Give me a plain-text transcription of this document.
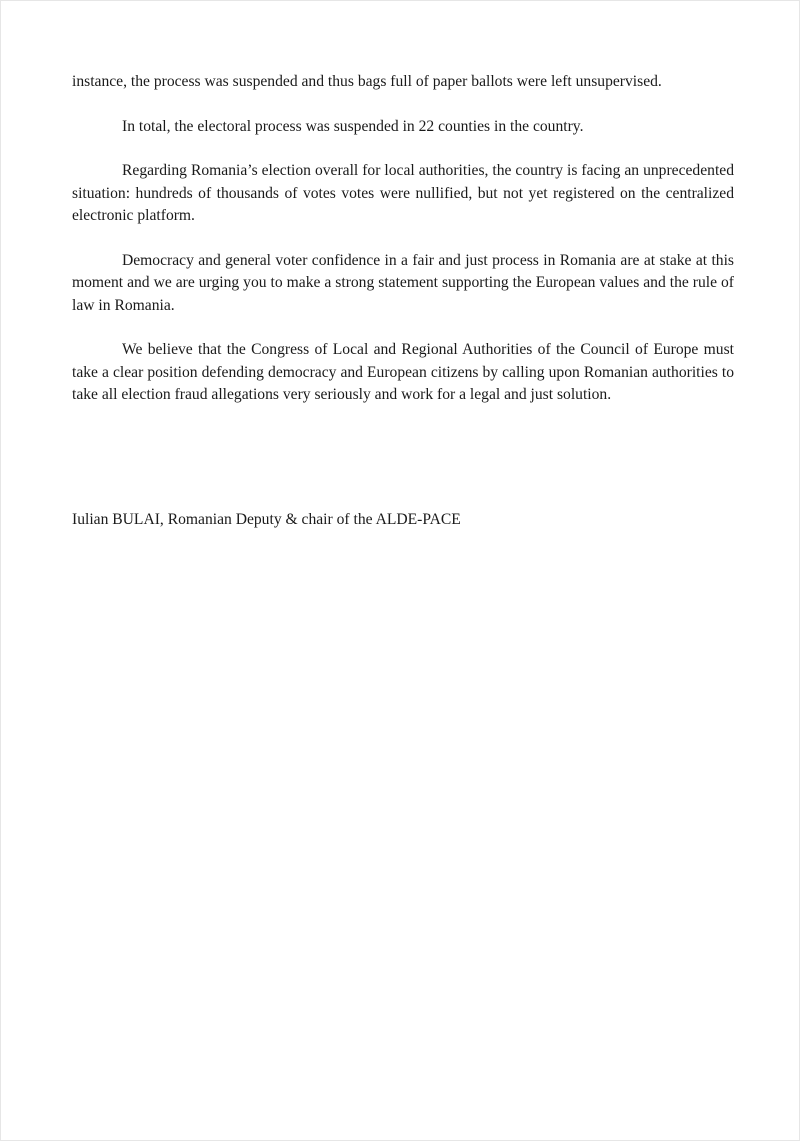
instance, the process was suspended and thus bags full of paper ballots were left unsupervised.

In total, the electoral process was suspended in 22 counties in the country.

Regarding Romania’s election overall for local authorities, the country is facing an unprecedented situation: hundreds of thousands of votes votes were nullified, but not yet registered on the centralized electronic platform.

Democracy and general voter confidence in a fair and just process in Romania are at stake at this moment and we are urging you to make a strong statement supporting the European values and the rule of law in Romania.

We believe that the Congress of Local and Regional Authorities of the Council of Europe must take a clear position defending democracy and European citizens by calling upon Romanian authorities to take all election fraud allegations very seriously and work for a legal and just solution.

Iulian BULAI, Romanian Deputy & chair of the ALDE-PACE
